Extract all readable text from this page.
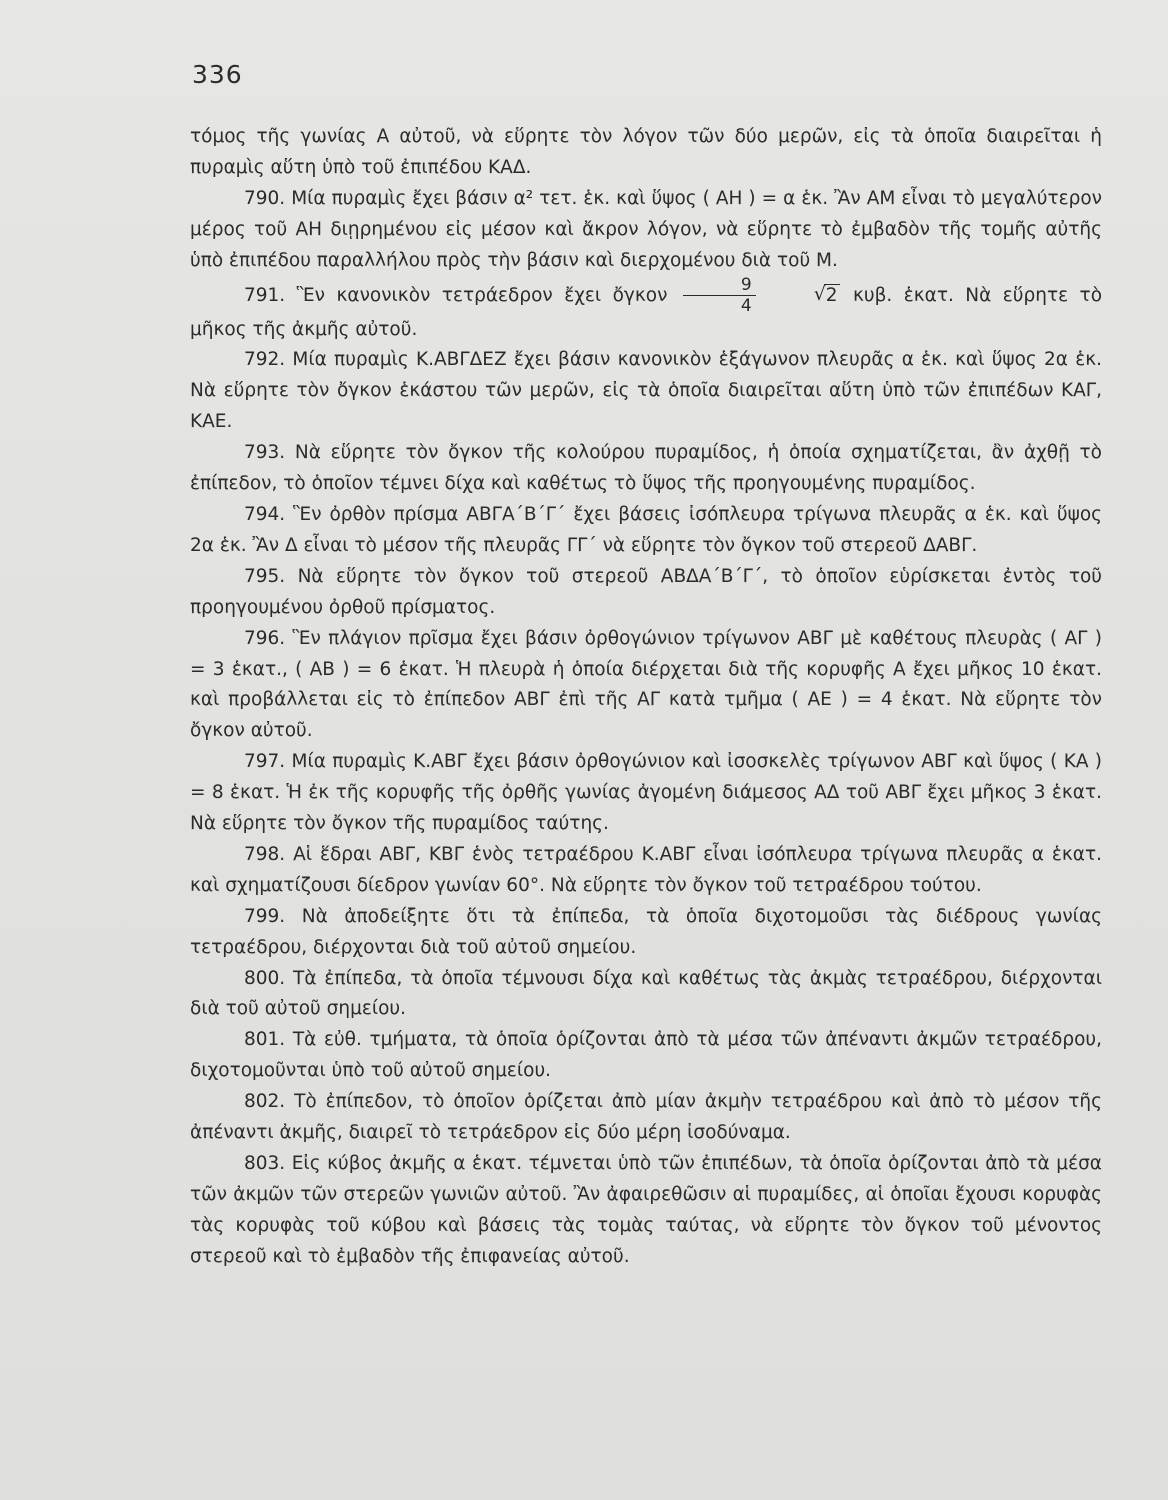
336

τόμος τῆς γωνίας Α αὐτοῦ, νὰ εὕρητε τὸν λόγον τῶν δύο μερῶν, εἰς τὰ ὁποῖα διαιρεῖται ἡ πυραμὶς αὕτη ὑπὸ τοῦ ἐπιπέδου ΚΑΔ.

790. Μία πυραμὶς ἔχει βάσιν α² τετ. ἑκ. καὶ ὕψος ( ΑΗ ) = α ἑκ. Ἂν ΑΜ εἶναι τὸ μεγαλύτερον μέρος τοῦ ΑΗ διῃρημένου εἰς μέσον καὶ ἄκρον λόγον, νὰ εὕρητε τὸ ἐμβαδὸν τῆς τομῆς αὐτῆς ὑπὸ ἐπιπέδου παραλλήλου πρὸς τὴν βάσιν καὶ διερχομένου διὰ τοῦ Μ.

791. Ἓν κανονικὸν τετράεδρον ἔχει ὄγκον $\frac{9}{4}$	√ 2 κυβ. ἑκατ. Νὰ εὕρητε τὸ μῆκος τῆς ἀκμῆς αὐτοῦ.

792. Μία πυραμὶς Κ.ΑΒΓΔΕΖ ἔχει βάσιν κανονικὸν ἑξάγωνον πλευρᾶς α ἑκ. καὶ ὕψος 2α ἑκ. Νὰ εὕρητε τὸν ὄγκον ἑκάστου τῶν μερῶν, εἰς τὰ ὁποῖα διαιρεῖται αὕτη ὑπὸ τῶν ἐπιπέδων ΚΑΓ, ΚΑΕ.

793. Νὰ εὕρητε τὸν ὄγκον τῆς κολούρου πυραμίδος, ἡ ὁποία σχηματίζεται, ἂν ἀχθῇ τὸ ἐπίπεδον, τὸ ὁποῖον τέμνει δίχα καὶ καθέτως τὸ ὕψος τῆς προηγουμένης πυραμίδος.

794. Ἓν ὀρθὸν πρίσμα ΑΒΓΑ΄Β΄Γ΄ ἔχει βάσεις ἰσόπλευρα τρίγωνα πλευρᾶς α ἑκ. καὶ ὕψος 2α ἑκ. Ἂν Δ εἶναι τὸ μέσον τῆς πλευρᾶς ΓΓ΄ νὰ εὕρητε τὸν ὄγκον τοῦ στερεοῦ ΔΑΒΓ.

795. Νὰ εὕρητε τὸν ὄγκον τοῦ στερεοῦ ΑΒΔΑ΄Β΄Γ΄, τὸ ὁποῖον εὑρίσκεται ἐντὸς τοῦ προηγουμένου ὀρθοῦ πρίσματος.

796. Ἓν πλάγιον πρῖσμα ἔχει βάσιν ὀρθογώνιον τρίγωνον ΑΒΓ μὲ καθέτους πλευρὰς ( ΑΓ ) = 3 ἑκατ., ( ΑΒ ) = 6 ἑκατ. Ἡ πλευρὰ ἡ ὁποία διέρχεται διὰ τῆς κορυφῆς Α ἔχει μῆκος 10 ἑκατ. καὶ προβάλλεται εἰς τὸ ἐπίπεδον ΑΒΓ ἐπὶ τῆς ΑΓ κατὰ τμῆμα ( ΑΕ ) = 4 ἑκατ. Νὰ εὕρητε τὸν ὄγκον αὐτοῦ.

797. Μία πυραμὶς Κ.ΑΒΓ ἔχει βάσιν ὀρθογώνιον καὶ ἰσοσκελὲς τρίγωνον ΑΒΓ καὶ ὕψος ( ΚΑ ) = 8 ἑκατ. Ἡ ἐκ τῆς κορυφῆς τῆς ὀρθῆς γωνίας ἀγομένη διάμεσος ΑΔ τοῦ ΑΒΓ ἔχει μῆκος 3 ἑκατ. Νὰ εὕρητε τὸν ὄγκον τῆς πυραμίδος ταύτης.

798. Αἱ ἕδραι ΑΒΓ, ΚΒΓ ἑνὸς τετραέδρου Κ.ΑΒΓ εἶναι ἰσόπλευρα τρίγωνα πλευρᾶς α ἑκατ. καὶ σχηματίζουσι δίεδρον γωνίαν 60°. Νὰ εὕρητε τὸν ὄγκον τοῦ τετραέδρου τούτου.

799. Νὰ ἀποδείξητε ὅτι τὰ ἐπίπεδα, τὰ ὁποῖα διχοτομοῦσι τὰς διέδρους γωνίας τετραέδρου, διέρχονται διὰ τοῦ αὐτοῦ σημείου.

800. Τὰ ἐπίπεδα, τὰ ὁποῖα τέμνουσι δίχα καὶ καθέτως τὰς ἀκμὰς τετραέδρου, διέρχονται διὰ τοῦ αὐτοῦ σημείου.

801. Τὰ εὐθ. τμήματα, τὰ ὁποῖα ὁρίζονται ἀπὸ τὰ μέσα τῶν ἀπέναντι ἀκμῶν τετραέδρου, διχοτομοῦνται ὑπὸ τοῦ αὐτοῦ σημείου.

802. Τὸ ἐπίπεδον, τὸ ὁποῖον ὁρίζεται ἀπὸ μίαν ἀκμὴν τετραέδρου καὶ ἀπὸ τὸ μέσον τῆς ἀπέναντι ἀκμῆς, διαιρεῖ τὸ τετράεδρον εἰς δύο μέρη ἰσοδύναμα.

803. Εἰς κύβος ἀκμῆς α ἑκατ. τέμνεται ὑπὸ τῶν ἐπιπέδων, τὰ ὁποῖα ὁρίζονται ἀπὸ τὰ μέσα τῶν ἀκμῶν τῶν στερεῶν γωνιῶν αὐτοῦ. Ἂν ἀφαιρεθῶσιν αἱ πυραμίδες, αἱ ὁποῖαι ἔχουσι κορυφὰς τὰς κορυφὰς τοῦ κύβου καὶ βάσεις τὰς τομὰς ταύτας, νὰ εὕρητε τὸν ὄγκον τοῦ μένοντος στερεοῦ καὶ τὸ ἐμβαδὸν τῆς ἐπιφανείας αὐτοῦ.
